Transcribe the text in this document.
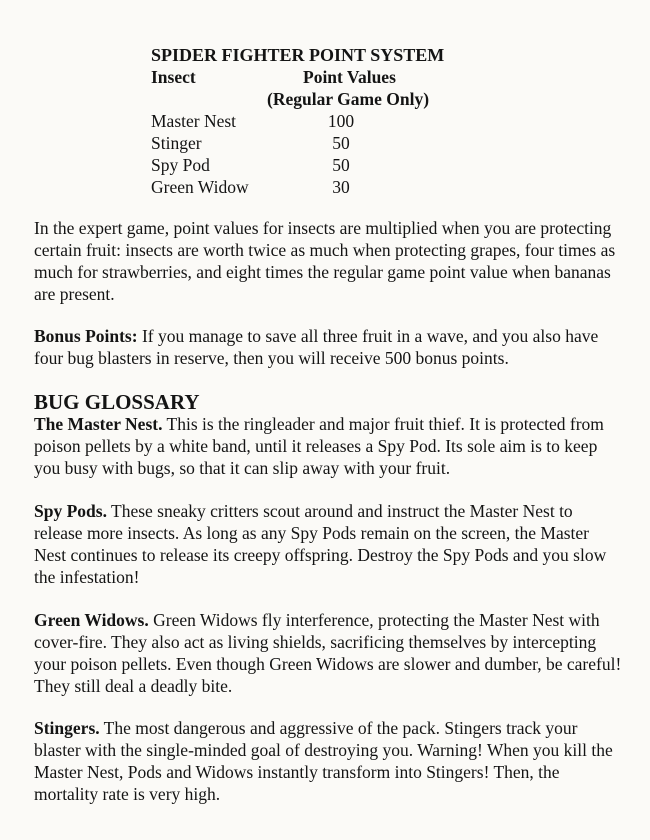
SPIDER FIGHTER POINT SYSTEM
Insect	Point Values
(Regular Game Only)
Master Nest	100
Stinger	50
Spy Pod	50
Green Widow	30

In the expert game, point values for insects are multiplied when you are protecting certain fruit: insects are worth twice as much when protecting grapes, four times as much for strawberries, and eight times the regular game point value when bananas are present.

Bonus Points: If you manage to save all three fruit in a wave, and you also have four bug blasters in reserve, then you will receive 500 bonus points.

BUG GLOSSARY

The Master Nest. This is the ringleader and major fruit thief. It is protected from poison pellets by a white band, until it releases a Spy Pod. Its sole aim is to keep you busy with bugs, so that it can slip away with your fruit.

Spy Pods. These sneaky critters scout around and instruct the Master Nest to release more insects. As long as any Spy Pods remain on the screen, the Master Nest continues to release its creepy offspring. Destroy the Spy Pods and you slow the infestation!

Green Widows. Green Widows fly interference, protecting the Master Nest with cover-fire. They also act as living shields, sacrificing themselves by intercepting your poison pellets. Even though Green Widows are slower and dumber, be careful! They still deal a deadly bite.

Stingers. The most dangerous and aggressive of the pack. Stingers track your blaster with the single-minded goal of destroying you. Warning! When you kill the Master Nest, Pods and Widows instantly transform into Stingers! Then, the mortality rate is very high.
